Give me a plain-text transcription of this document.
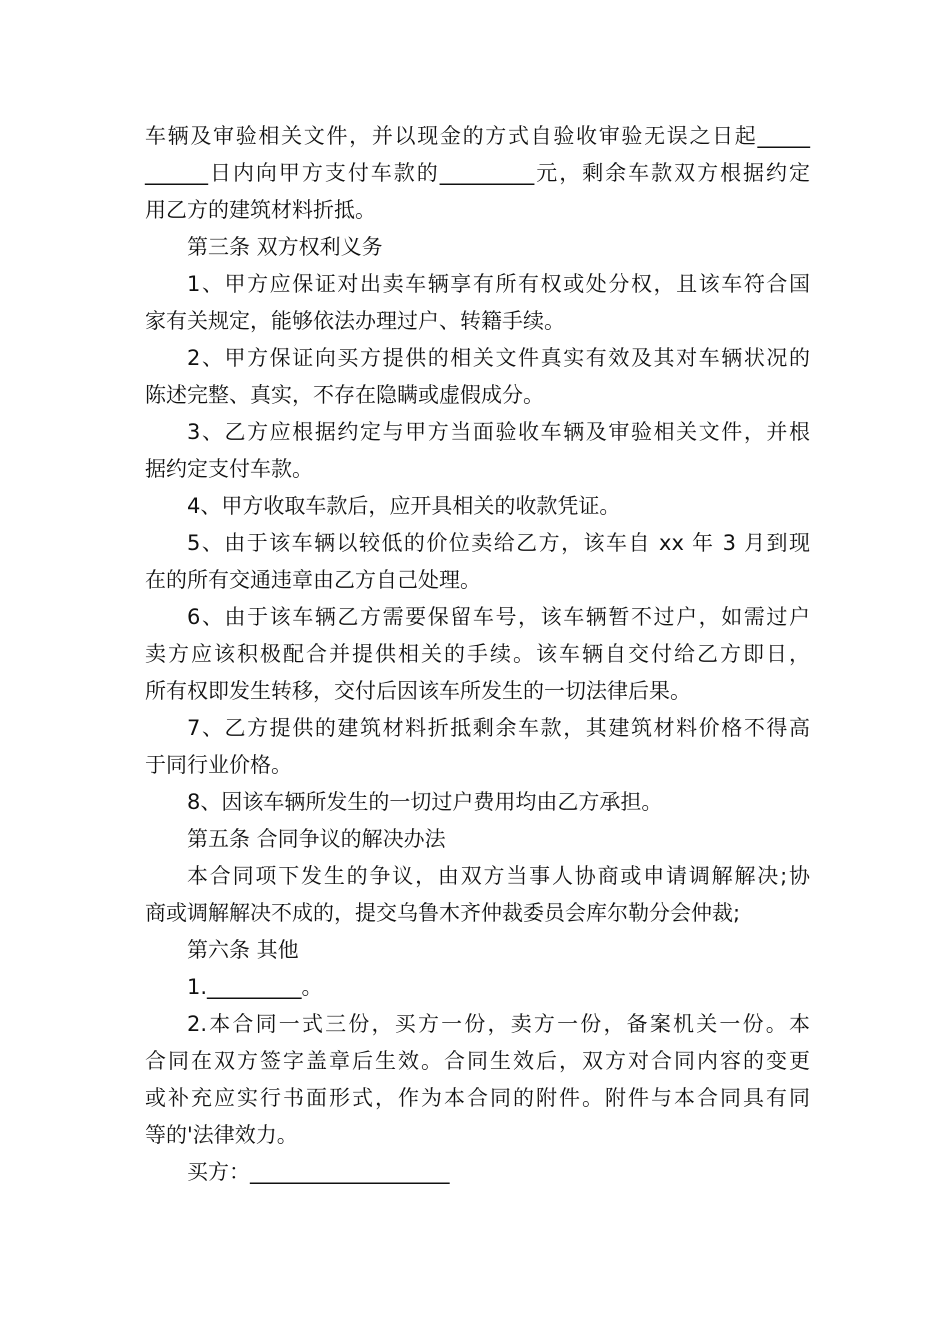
车辆及审验相关文件，并以现金的方式自验收审验无误之日起_____
______日内向甲方支付车款的_________元，剩余车款双方根据约定
用乙方的建筑材料折抵。
第三条 双方权利义务
1、甲方应保证对出卖车辆享有所有权或处分权，且该车符合国
家有关规定，能够依法办理过户、转籍手续。
2、甲方保证向买方提供的相关文件真实有效及其对车辆状况的
陈述完整、真实，不存在隐瞒或虚假成分。
3、乙方应根据约定与甲方当面验收车辆及审验相关文件，并根
据约定支付车款。
4、甲方收取车款后，应开具相关的收款凭证。
5、由于该车辆以较低的价位卖给乙方，该车自 xx 年 3 月到现
在的所有交通违章由乙方自己处理。
6、由于该车辆乙方需要保留车号，该车辆暂不过户，如需过户
卖方应该积极配合并提供相关的手续。该车辆自交付给乙方即日，
所有权即发生转移，交付后因该车所发生的一切法律后果。
7、乙方提供的建筑材料折抵剩余车款，其建筑材料价格不得高
于同行业价格。
8、因该车辆所发生的一切过户费用均由乙方承担。
第五条 合同争议的解决办法
本合同项下发生的争议，由双方当事人协商或申请调解解决;协
商或调解解决不成的，提交乌鲁木齐仲裁委员会库尔勒分会仲裁;
第六条 其他
1._________。
2.本合同一式三份，买方一份，卖方一份，备案机关一份。本
合同在双方签字盖章后生效。合同生效后，双方对合同内容的变更
或补充应实行书面形式，作为本合同的附件。附件与本合同具有同
等的'法律效力。
买方：___________________
